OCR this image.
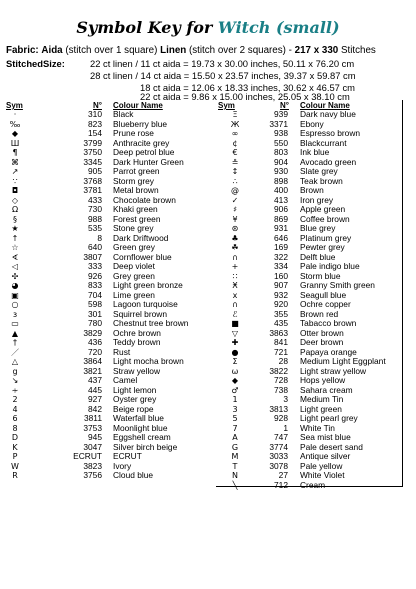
Symbol Key for Witch (small)
Fabric: Aida (stitch over 1 square) Linen (stitch over 2 squares) - 217 x 330 Stitches
StitchedSize:	22 ct linen / 11 ct aida = 19.73 x 30.00 inches, 50.11 x 76.20 cm
28 ct linen / 14 ct aida = 15.50 x 23.57 inches, 39.37 x 59.87 cm
18 ct aida = 12.06 x 18.33 inches, 30.62 x 46.57 cm
22 ct aida = 9.86 x 15.00 inches, 25.05 x 38.10 cm
Sym	N° Colour Name	Sym	N° Colour Name
·	310 Black
‰	823 Blueberry blue
◆	154 Prune rose
Ш	3799 Anthracite grey
¶	3750 Deep petrol blue
⌘	3345 Dark Hunter Green
↗	905 Parrot green
∵	3768 Storm grey
◘	3781 Metal brown
◇	433 Chocolate brown
Ω	730 Khaki green
§	988 Forest green
★	535 Stone grey
↑	8 Dark Driftwood
☆	640 Green grey
∢	3807 Cornflower blue
◁	333 Deep violet
✣	926 Grey green
◕	833 Light green bronze
▣	704 Lime green
○	598 Lagoon turquoise
з	301 Squirrel brown
▭	780 Chestnut tree brown
▲	3829 Ochre brown
†	436 Teddy brown
／	720 Rust
△	3864 Light mocha brown
g	3821 Straw yellow
↘	437 Camel
∻	445 Light lemon
2	927 Oyster grey
4	842 Beige rope
6	3811 Waterfall blue
8	3753 Moonlight blue
D	945 Eggshell cream
K	3047 Silver birch beige
P	ECRUT ECRUT
W	3823 Ivory
R	3756 Cloud blue
Ξ	939 Dark navy blue
Ж	3371 Ebony
∞	938 Espresso brown
¢	550 Blackcurrant
€	803 Ink blue
≗	904 Avocado green
↕	930 Slate grey
∴	898 Teak brown
@	400 Brown
✓	413 Iron grey
♯	906 Apple green
¥	869 Coffee brown
⊛	931 Blue grey
♣	646 Platinum grey
☘	169 Pewter grey
∩	322 Delft blue
+	334 Pale indigo blue
∷	160 Storm blue
Ӿ	907 Granny Smith green
x	932 Seagull blue
∩	920 Ochre copper
ℰ	355 Brown red
■	435 Tabacco brown
▽	3863 Otter brown
✚	841 Deer brown
●	721 Papaya orange
Σ	28 Medium Light Eggplant
ω	3822 Light straw yellow
◆	728 Hops yellow
♂	738 Sahara cream
1	3 Medium Tin
3	3813 Light green
5	928 Light pearl grey
7	1 White Tin
A	747 Sea mist blue
G	3774 Pale desert sand
M	3033 Antique silver
T	3078 Pale yellow
N	27 White Violet
╲	712 Cream
